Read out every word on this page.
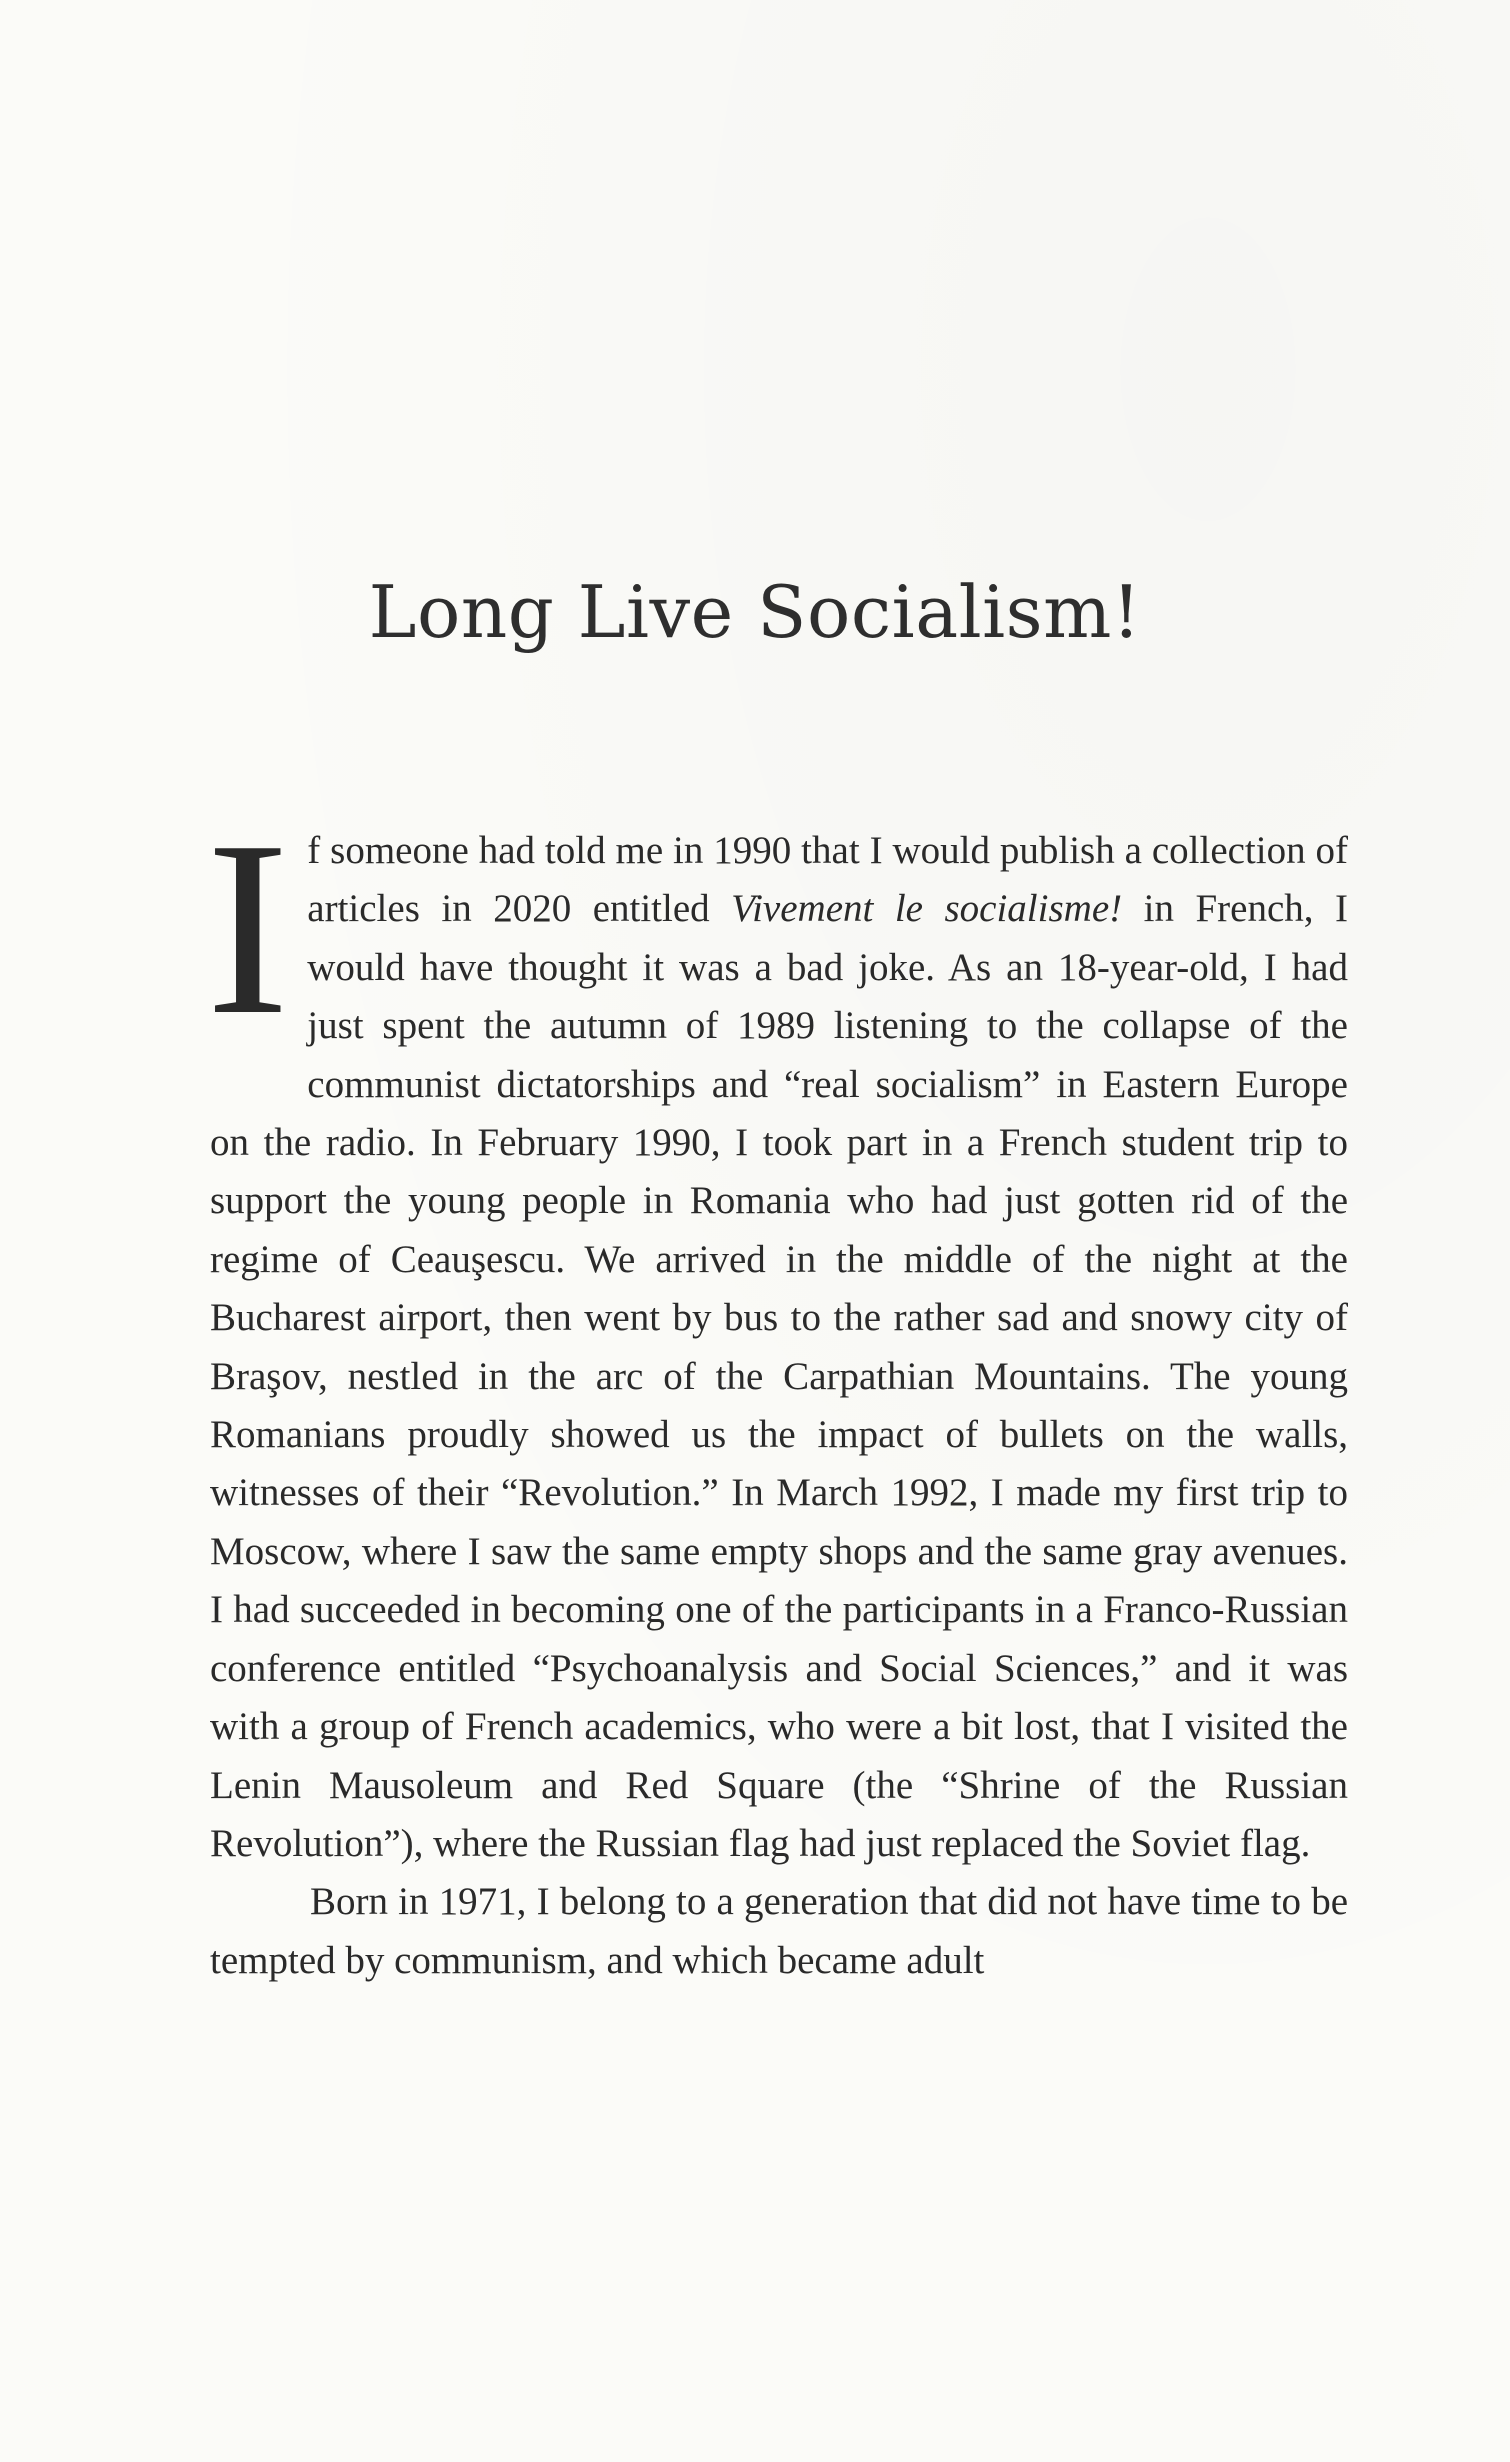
Long Live Socialism!

If someone had told me in 1990 that I would publish a collection of articles in 2020 entitled Vivement le socialisme! in French, I would have thought it was a bad joke. As an 18-year-old, I had just spent the autumn of 1989 listening to the collapse of the communist dictatorships and “real socialism” in Eastern Europe on the radio. In February 1990, I took part in a French student trip to support the young people in Romania who had just gotten rid of the regime of Ceauşescu. We arrived in the middle of the night at the Bucharest airport, then went by bus to the rather sad and snowy city of Braşov, nestled in the arc of the Carpathian Mountains. The young Romanians proudly showed us the impact of bullets on the walls, witnesses of their “Revolution.” In March 1992, I made my first trip to Moscow, where I saw the same empty shops and the same gray avenues. I had succeeded in becoming one of the participants in a Franco-Russian conference entitled “Psychoanalysis and Social Sciences,” and it was with a group of French academics, who were a bit lost, that I visited the Lenin Mausoleum and Red Square (the “Shrine of the Russian Revolution”), where the Russian flag had just replaced the Soviet flag.

Born in 1971, I belong to a generation that did not have time to be tempted by communism, and which became adult
